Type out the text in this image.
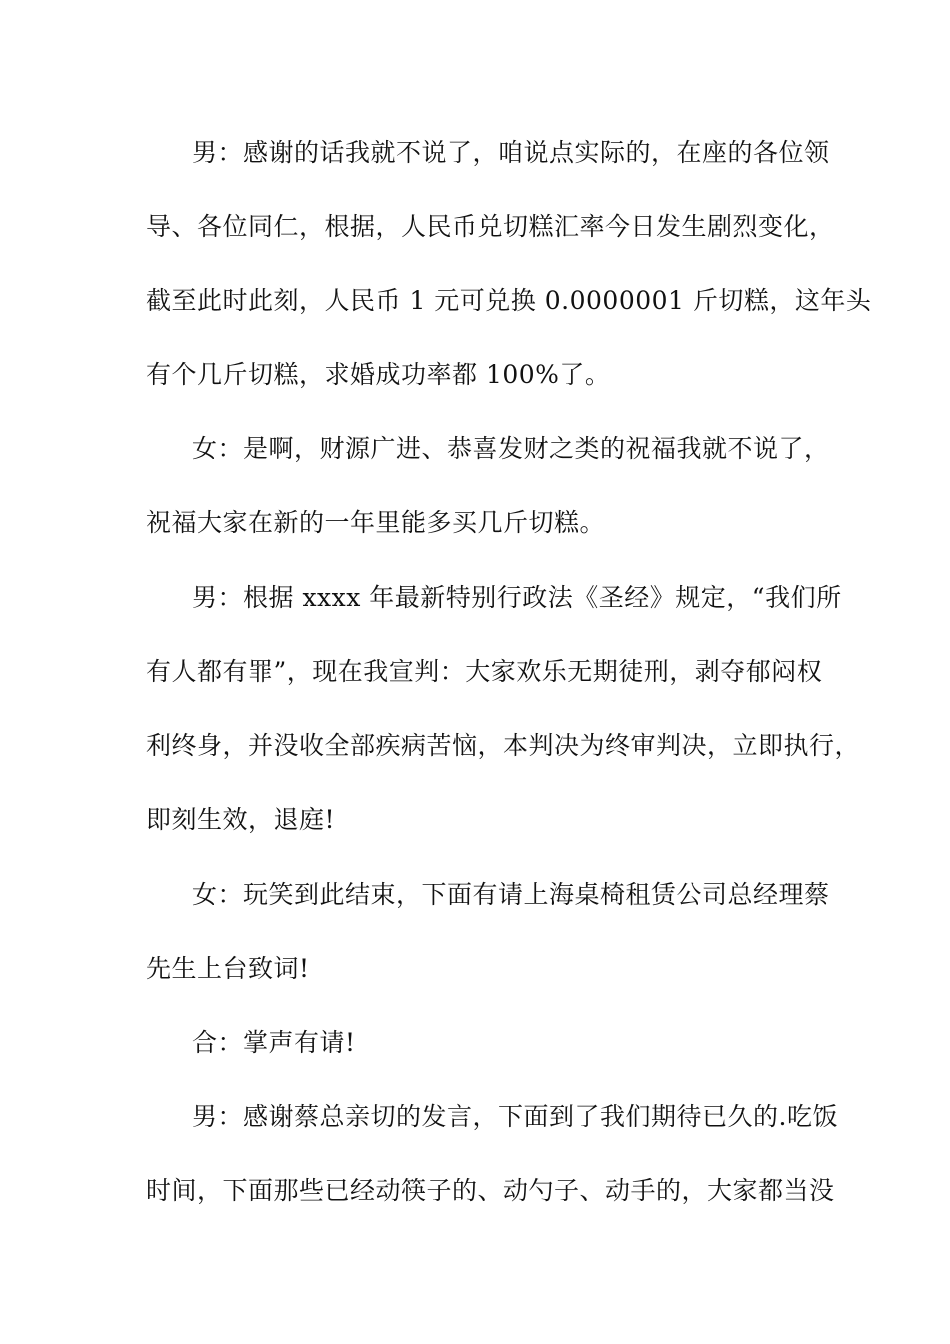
男：感谢的话我就不说了，咱说点实际的，在座的各位领
导、各位同仁，根据，人民币兑切糕汇率今日发生剧烈变化，
截至此时此刻，人民币 1 元可兑换 0.0000001 斤切糕，这年头
有个几斤切糕，求婚成功率都 100%了。
女：是啊，财源广进、恭喜发财之类的祝福我就不说了，
祝福大家在新的一年里能多买几斤切糕。
男：根据 xxxx 年最新特别行政法《圣经》规定，“我们所
有人都有罪”，现在我宣判：大家欢乐无期徒刑，剥夺郁闷权
利终身，并没收全部疾病苦恼，本判决为终审判决，立即执行，
即刻生效，退庭!
女：玩笑到此结束，下面有请上海桌椅租赁公司总经理蔡
先生上台致词!
合：掌声有请!
男：感谢蔡总亲切的发言，下面到了我们期待已久的.吃饭
时间，下面那些已经动筷子的、动勺子、动手的，大家都当没
